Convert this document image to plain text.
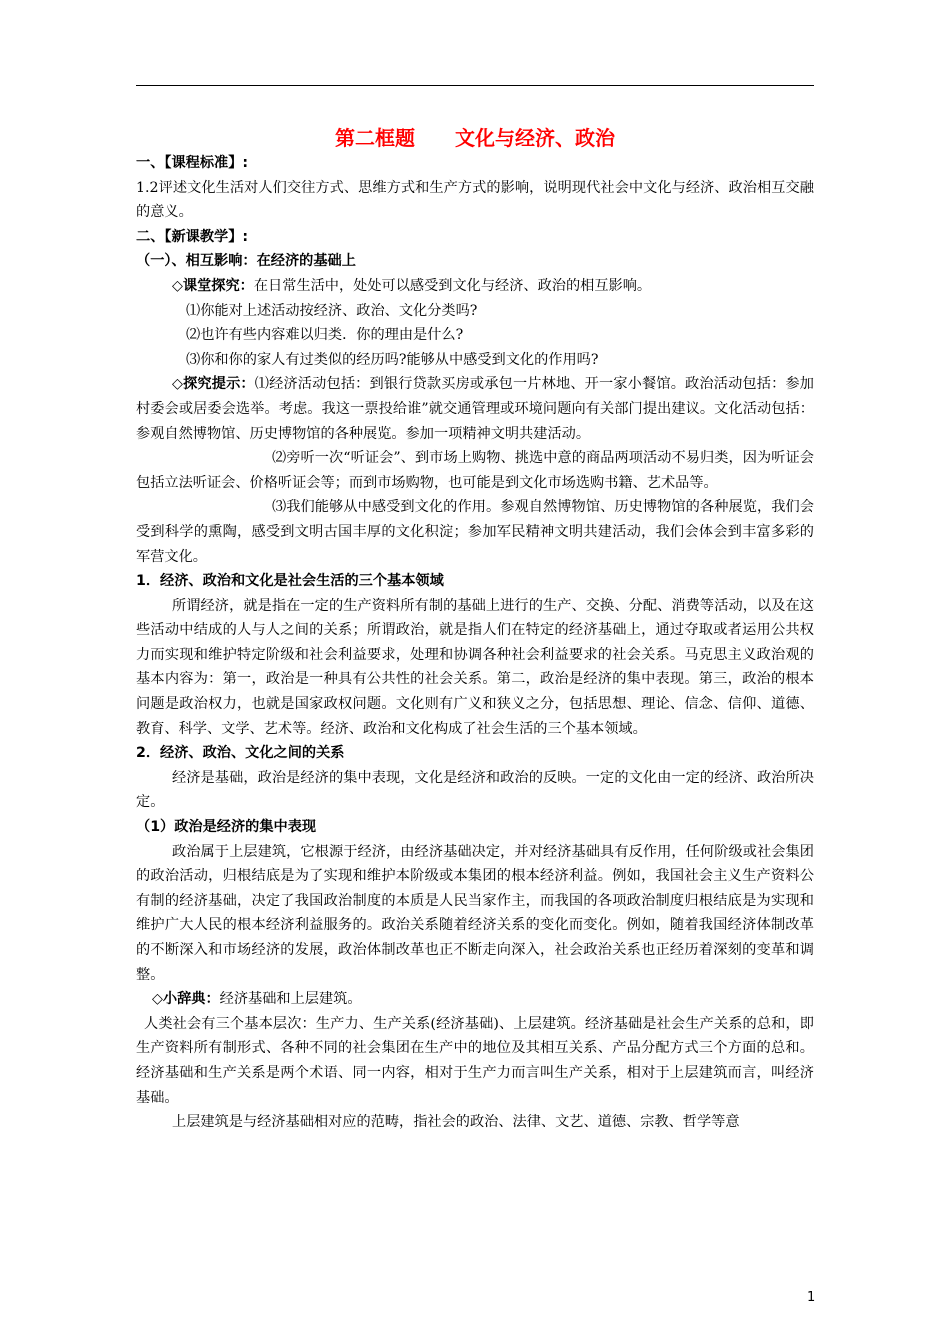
第二框题　　文化与经济、政治

一、【课程标准】:

1.2评述文化生活对人们交往方式、思维方式和生产方式的影响，说明现代社会中文化与经济、政治相互交融的意义。

二、【新课教学】:

（一）、相互影响：在经济的基础上

◇课堂探究：在日常生活中，处处可以感受到文化与经济、政治的相互影响。

⑴你能对上述活动按经济、政治、文化分类吗?

⑵也许有些内容难以归类．你的理由是什么?

⑶你和你的家人有过类似的经历吗?能够从中感受到文化的作用吗?

◇探究提示：⑴经济活动包括：到银行贷款买房或承包一片林地、开一家小餐馆。政治活动包括：参加村委会或居委会选举。考虑。我这一票投给谁”就交通管理或环境问题向有关部门提出建议。文化活动包括：参观自然博物馆、历史博物馆的各种展览。参加一项精神文明共建活动。

⑵旁听一次“听证会”、到市场上购物、挑选中意的商品两项活动不易归类，因为听证会包括立法听证会、价格听证会等；而到市场购物，也可能是到文化市场选购书籍、艺术品等。

⑶我们能够从中感受到文化的作用。参观自然博物馆、历史博物馆的各种展览，我们会受到科学的熏陶，感受到文明古国丰厚的文化积淀；参加军民精神文明共建活动，我们会体会到丰富多彩的军营文化。

1．经济、政治和文化是社会生活的三个基本领域

所谓经济，就是指在一定的生产资料所有制的基础上进行的生产、交换、分配、消费等活动，以及在这些活动中结成的人与人之间的关系；所谓政治，就是指人们在特定的经济基础上，通过夺取或者运用公共权力而实现和维护特定阶级和社会利益要求，处理和协调各种社会利益要求的社会关系。马克思主义政治观的基本内容为：第一，政治是一种具有公共性的社会关系。第二，政治是经济的集中表现。第三，政治的根本问题是政治权力，也就是国家政权问题。文化则有广义和狭义之分，包括思想、理论、信念、信仰、道德、教育、科学、文学、艺术等。经济、政治和文化构成了社会生活的三个基本领域。

2．经济、政治、文化之间的关系

经济是基础，政治是经济的集中表现，文化是经济和政治的反映。一定的文化由一定的经济、政治所决定。

（1）政治是经济的集中表现

政治属于上层建筑，它根源于经济，由经济基础决定，并对经济基础具有反作用，任何阶级或社会集团的政治活动，归根结底是为了实现和维护本阶级或本集团的根本经济利益。例如，我国社会主义生产资料公有制的经济基础，决定了我国政治制度的本质是人民当家作主，而我国的各项政治制度归根结底是为实现和维护广大人民的根本经济利益服务的。政治关系随着经济关系的变化而变化。例如，随着我国经济体制改革的不断深入和市场经济的发展，政治体制改革也正不断走向深入，社会政治关系也正经历着深刻的变革和调整。

◇小辞典：经济基础和上层建筑。

人类社会有三个基本层次：生产力、生产关系(经济基础)、上层建筑。经济基础是社会生产关系的总和，即生产资料所有制形式、各种不同的社会集团在生产中的地位及其相互关系、产品分配方式三个方面的总和。经济基础和生产关系是两个术语、同一内容，相对于生产力而言叫生产关系，相对于上层建筑而言，叫经济基础。

上层建筑是与经济基础相对应的范畴，指社会的政治、法律、文艺、道德、宗教、哲学等意

1
